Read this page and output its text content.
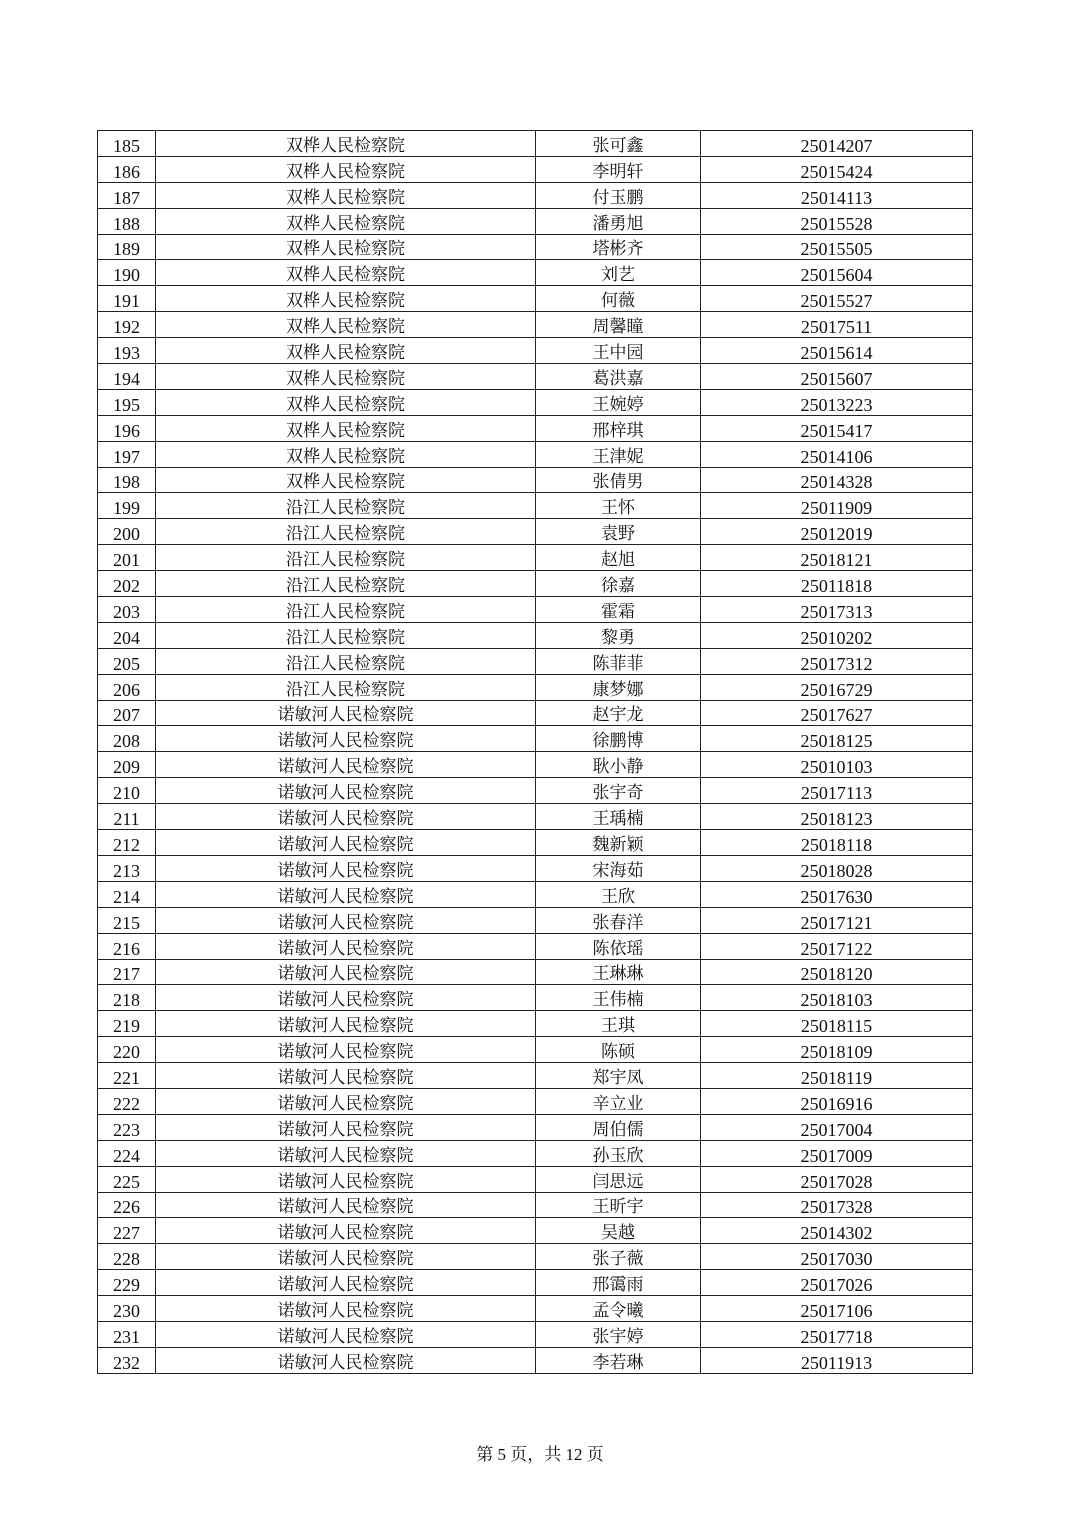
185	双桦人民检察院	张可鑫	25014207
186	双桦人民检察院	李明轩	25015424
187	双桦人民检察院	付玉鹏	25014113
188	双桦人民检察院	潘勇旭	25015528
189	双桦人民检察院	塔彬齐	25015505
190	双桦人民检察院	刘艺	25015604
191	双桦人民检察院	何薇	25015527
192	双桦人民检察院	周馨瞳	25017511
193	双桦人民检察院	王中园	25015614
194	双桦人民检察院	葛洪嘉	25015607
195	双桦人民检察院	王婉婷	25013223
196	双桦人民检察院	邢梓琪	25015417
197	双桦人民检察院	王津妮	25014106
198	双桦人民检察院	张倩男	25014328
199	沿江人民检察院	王怀	25011909
200	沿江人民检察院	袁野	25012019
201	沿江人民检察院	赵旭	25018121
202	沿江人民检察院	徐嘉	25011818
203	沿江人民检察院	霍霜	25017313
204	沿江人民检察院	黎勇	25010202
205	沿江人民检察院	陈菲菲	25017312
206	沿江人民检察院	康梦娜	25016729
207	诺敏河人民检察院	赵宇龙	25017627
208	诺敏河人民检察院	徐鹏博	25018125
209	诺敏河人民检察院	耿小静	25010103
210	诺敏河人民检察院	张宇奇	25017113
211	诺敏河人民检察院	王瑀楠	25018123
212	诺敏河人民检察院	魏新颖	25018118
213	诺敏河人民检察院	宋海茹	25018028
214	诺敏河人民检察院	王欣	25017630
215	诺敏河人民检察院	张春洋	25017121
216	诺敏河人民检察院	陈依瑶	25017122
217	诺敏河人民检察院	王琳琳	25018120
218	诺敏河人民检察院	王伟楠	25018103
219	诺敏河人民检察院	王琪	25018115
220	诺敏河人民检察院	陈硕	25018109
221	诺敏河人民检察院	郑宇凤	25018119
222	诺敏河人民检察院	辛立业	25016916
223	诺敏河人民检察院	周伯儒	25017004
224	诺敏河人民检察院	孙玉欣	25017009
225	诺敏河人民检察院	闫思远	25017028
226	诺敏河人民检察院	王昕宇	25017328
227	诺敏河人民检察院	吴越	25014302
228	诺敏河人民检察院	张子薇	25017030
229	诺敏河人民检察院	邢霭雨	25017026
230	诺敏河人民检察院	孟令曦	25017106
231	诺敏河人民检察院	张宇婷	25017718
232	诺敏河人民检察院	李若琳	25011913
第 5 页，共 12 页
